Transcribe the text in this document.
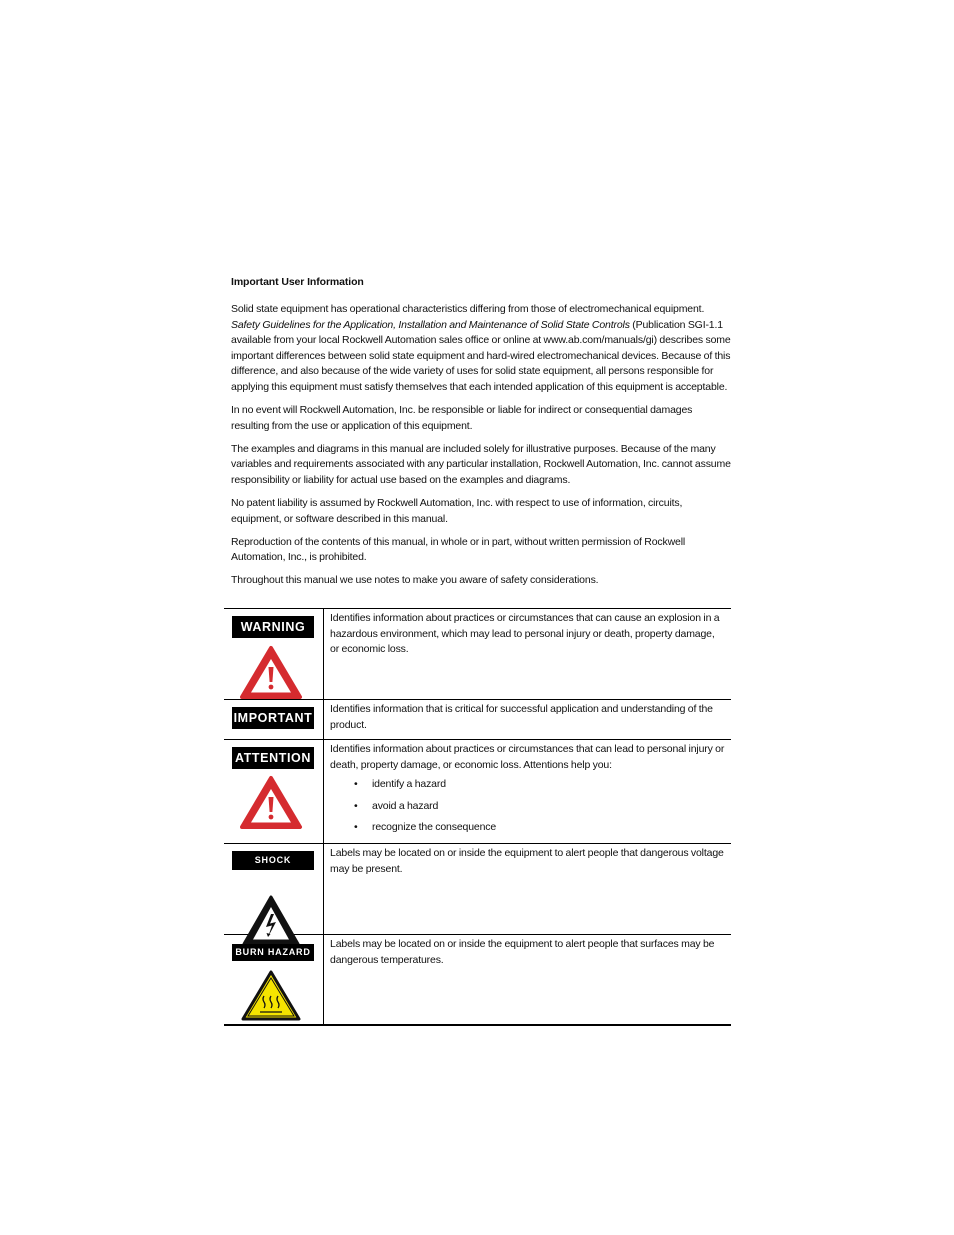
Important User Information

Solid state equipment has operational characteristics differing from those of electromechanical equipment.
Safety Guidelines for the Application, Installation and Maintenance of Solid State Controls (Publication SGI-1.1 available from your local Rockwell Automation sales office or online at www.ab.com/manuals/gi) describes some important differences between solid state equipment and hard-wired electromechanical devices. Because of this difference, and also because of the wide variety of uses for solid state equipment, all persons responsible for applying this equipment must satisfy themselves that each intended application of this equipment is acceptable.

In no event will Rockwell Automation, Inc. be responsible or liable for indirect or consequential damages resulting from the use or application of this equipment.

The examples and diagrams in this manual are included solely for illustrative purposes. Because of the many variables and requirements associated with any particular installation, Rockwell Automation, Inc. cannot assume responsibility or liability for actual use based on the examples and diagrams.

No patent liability is assumed by Rockwell Automation, Inc. with respect to use of information, circuits, equipment, or software described in this manual.

Reproduction of the contents of this manual, in whole or in part, without written permission of Rockwell Automation, Inc., is prohibited.

Throughout this manual we use notes to make you aware of safety considerations.

WARNING
Identifies information about practices or circumstances that can cause an explosion in a hazardous environment, which may lead to personal injury or death, property damage, or economic loss.
IMPORTANT
Identifies information that is critical for successful application and understanding of the product.
ATTENTION
Identifies information about practices or circumstances that can lead to personal injury or death, property damage, or economic loss. Attentions help you:
• identify a hazard
• avoid a hazard
• recognize the consequence
SHOCK HAZARD
Labels may be located on or inside the equipment to alert people that dangerous voltage may be present.
BURN HAZARD
Labels may be located on or inside the equipment to alert people that surfaces may be dangerous temperatures.
